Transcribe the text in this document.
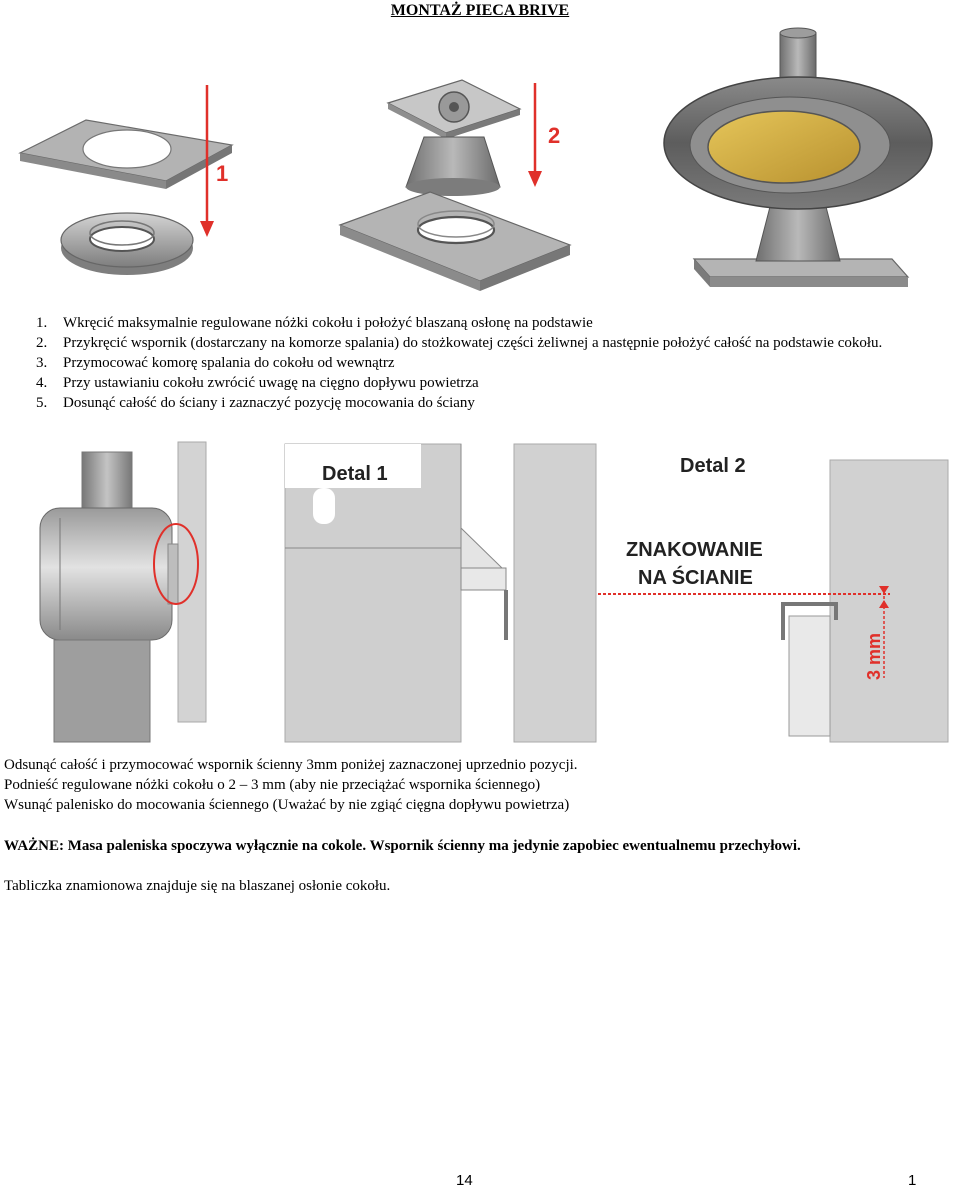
MONTAŻ PIECA BRIVE
1
2
1. Wkręcić maksymalnie regulowane nóżki cokołu i położyć blaszaną osłonę na podstawie
2. Przykręcić wspornik (dostarczany na komorze spalania) do stożkowatej części żeliwnej a następnie położyć całość na podstawie cokołu.
3. Przymocować komorę spalania do cokołu od wewnątrz
4. Przy ustawianiu cokołu zwrócić uwagę na cięgno dopływu powietrza
5. Dosunąć całość do ściany i zaznaczyć pozycję mocowania do ściany
Detal 1	Detal 2
ZNAKOWANIE
NA ŚCIANIE
3 mm
Odsunąć całość i przymocować wspornik ścienny 3mm poniżej zaznaczonej uprzednio pozycji.
Podnieść regulowane nóżki cokołu o 2 – 3 mm (aby nie przeciążać wspornika ściennego)
Wsunąć palenisko do mocowania ściennego (Uważać by nie zgiąć cięgna dopływu powietrza)
WAŻNE: Masa paleniska spoczywa wyłącznie na cokole. Wspornik ścienny ma jedynie zapobiec ewentualnemu przechyłowi.
Tabliczka znamionowa znajduje się na blaszanej osłonie cokołu.
14	1
